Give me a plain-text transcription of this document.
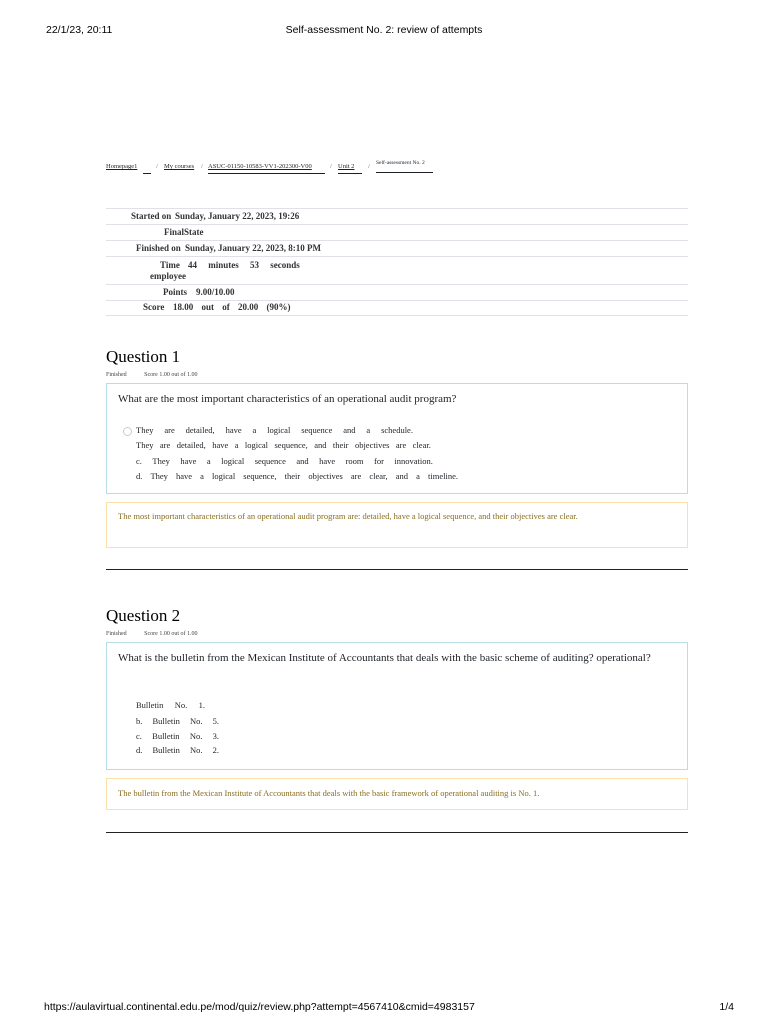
22/1/23, 20:11	Self-assessment No. 2: review of attempts
Homepage1	/ My courses / ASUC-01150-10583-VV1-202300-V00	/ Unit 2 / Self-assessment No. 2
Started on Sunday, January 22, 2023, 19:26
Final State
Finished on Sunday, January 22, 2023, 8:10 PM
Time 44 minutes 53 seconds
employee
Points 9.00/10.00
Score 18.00 out of 20.00 (90%)
Question 1
Finished	Score 1.00 out of 1.00
What are the most important characteristics of an operational audit program?
They are detailed, have a logical sequence and a schedule.
They are detailed, have a logical sequence, and their objectives are clear.
c. They have a logical sequence and have room for innovation.
d. They have a logical sequence, their objectives are clear, and a timeline.
The most important characteristics of an operational audit program are: detailed, have a logical sequence, and their objectives are clear.
Question 2
Finished	Score 1.00 out of 1.00
What is the bulletin from the Mexican Institute of Accountants that deals with the basic scheme of auditing? operational?
Bulletin No. 1.
b. Bulletin No. 5.
c. Bulletin No. 3.
d. Bulletin No. 2.
The bulletin from the Mexican Institute of Accountants that deals with the basic framework of operational auditing is No. 1.
https://aulavirtual.continental.edu.pe/mod/quiz/review.php?attempt=4567410&cmid=4983157	1/4
